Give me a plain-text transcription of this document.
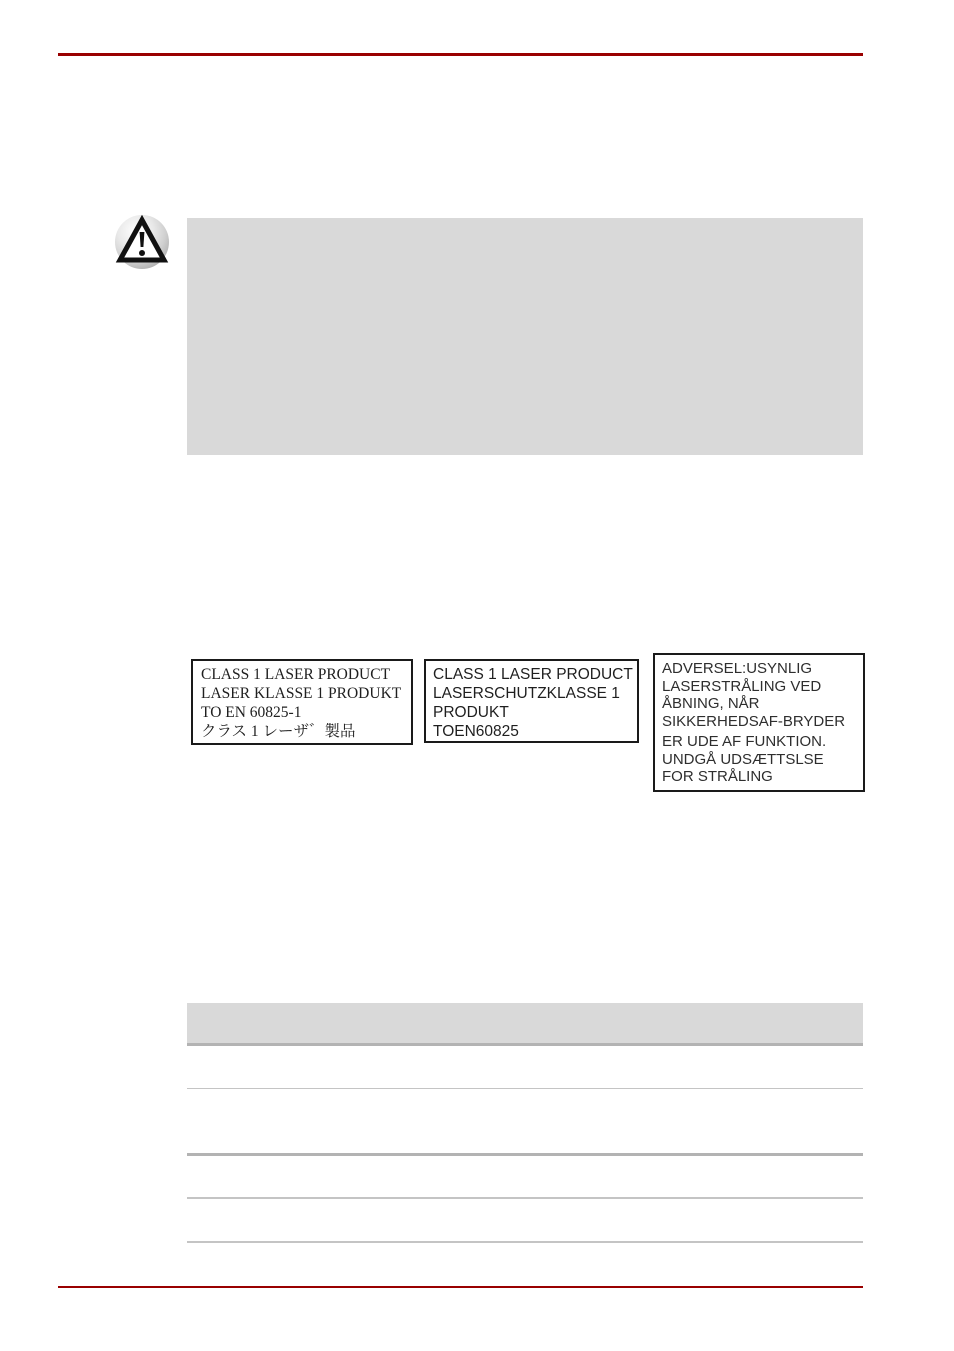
CLASS 1 LASER PRODUCT
LASER KLASSE 1 PRODUKT
TO EN 60825-1
クラス 1 レーザ゛製品
CLASS 1 LASER PRODUCT
LASERSCHUTZKLASSE 1
PRODUKT
TOEN60825
ADVERSEL:USYNLIG
LASERSTRÅLING VED
ÅBNING, NÅR
SIKKERHEDSAF-BRYDER
ER UDE AF FUNKTION.
UNDGÅ UDSÆTTSLSE
FOR STRÅLING
